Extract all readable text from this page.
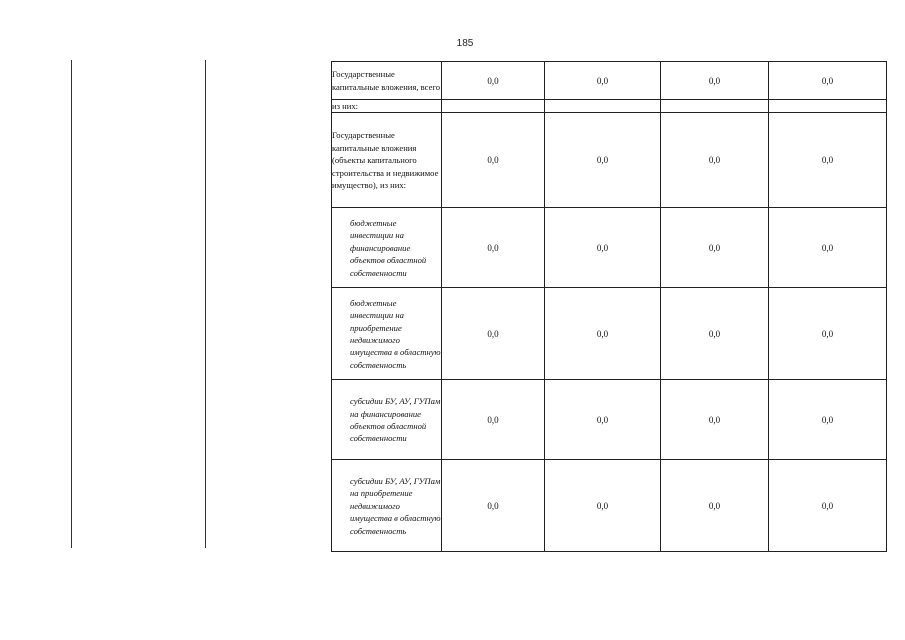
185
Государственные капитальные вложения, всего	0,0	0,0	0,0	0,0
из них:				
Государственные капитальные вложения (объекты капитального строительства и недвижимое имущество), из них:	0,0	0,0	0,0	0,0
бюджетные инвестиции на финансирование объектов областной собственности	0,0	0,0	0,0	0,0
бюджетные инвестиции на приобретение недвижимого имущества в областную собственность	0,0	0,0	0,0	0,0
субсидии БУ, АУ, ГУПам на финансирование объектов областной собственности	0,0	0,0	0,0	0,0
субсидии БУ, АУ, ГУПам на приобретение недвижимого имущества в областную собственность	0,0	0,0	0,0	0,0
